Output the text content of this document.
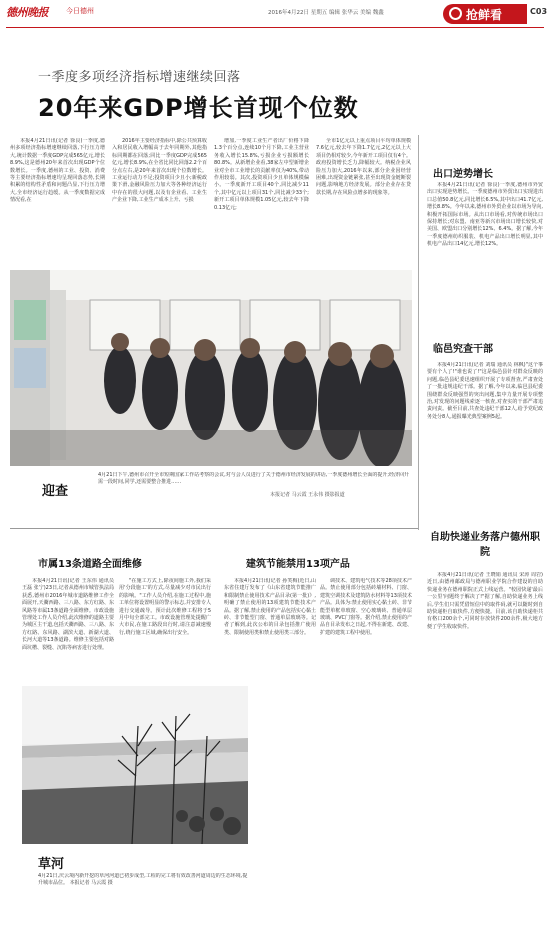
德州晚报	今日德州	2016年4月22日 星期五 编辑 张华云 美编 魏鑫	抢鲜看	C03
一季度多项经济指标增速继续回落
20年来GDP增长首现个位数

本报4月21日讯(记者 徐良)一季度,德州多项经济指标增速继续回落,下行压力增大,统计数据一季度GDP完成565亿元,增长8.9%,这是德州20年来首次出现GDP个位数增长。一季度,德州的工业、投资、消费等主要经济指标增速均呈现回落态势,长期积累的结构性矛盾和问题凸显,下行压力增大,全市经济运行趋缓。从一季度数据完成情况看,在

2016年主要经济指标中,除公共预算收入和居民收入增幅高于去年同期外,其他指标同期都在回落;同比一季度GDP完成565亿元,增长8.9%,在全省比同比回落2.2个百分点左右,是20年来首次出现个位数增长。工业运行动力不足;投资项目少且小;新税政策下滑,金融风险压力加大等各种经济运行中存在的很大问题,以及有企业看、工业生产企业下降,工业生产成本上升、亏损

增加,一季度工业生产者出厂价格下降1.3个百分点,连续10个月下降,工业主营业务收入增长15.8%,亏损企业亏损额增长80.8%。从新增企业看,38家左中型新增企业对全市工业增长的贡献率仅为40%,带动作用较弱。其次,投资项目少且单体规模偏小。一季度新开工项目40个,同比减少11个,其中亿元以上项目31个,同比减少33个;新开工项目单体规模1.05亿元,较去年下降0.13亿元;

全市1亿元以上重点项目平均单体规模7.6亿元,较去年下降1.7亿元,2亿元以上大项目仍相对较少,今年新开工项目仅有4个。政府投资增长乏力,降幅较大。纳税企业风险压力加大,2016年以来,部分企业因经营困难,出现资金链紧张,甚至出现资金链断裂问题,影响地方经济发展。部分企业存在贷款长期,存在风险点增多的现象等。

4月21日下午,德州市召开全市短期国家工作站考察的会议,对与会人员进行了关于德州市经济发展的讲话,一季度德州增长全面的提升;经济回升需一段时间,同学,还需要整合推进……
本报记者 马云霞 王永伟 摄影报道
迎查
出口逆势增长

本报4月21日讯(记者 徐良)一季度,德州市外贸出口实现逆势增长。一季度德州市外贸出口实现进出口总值50.8亿元,同比增长6.5%,其中出口41.7亿元,增长8.8%。今年以来,德州市外贸企业以市场为导向,积极开拓国际市场。从出口市场看,对传统市场出口保持增长;对东盟、南亚等新兴市场出口增长较快,对美国、欧盟出口分别增长12%、6.4%。据了解,今年一季度德州纺织服装、机电产品出口增长明显,其中机电产品出口14亿元,增长12%。

临邑究查干部

本报4月21日讯(记者 刘瑞 通讯员 林枫)"这个事要有个人了!"谁也说了!"这是临邑县针对群众反映的问题,临邑县纪委迅速组织开展了专项督查,严肃查处了一批违规违纪干部。据了解,今年以来,临邑县纪委围绕群众反映强烈的突出问题,集中力量开展专项整治,对发现的问题线索逐一核查,对查实的干部严肃追责问责。截至目前,共查处违纪干部12人,给予党纪政务处分8人,通报曝光典型案例5起。

自助快递业务落户德州职院

本报4月21日讯(记者 王晓娟 通讯员 宋涛 周岩)近日,由德州邮政局与德州职业学院合作建设的自助快递业务在德州职院正式上线运营。"校园快递'最后一公里'问题终于解决了!"据了解,自助快递业务上线后,学生们只需凭借短信中的取件码,就可以随时到自助快递柜自取快件,方便快捷。目前,该自助快递柜共有格口200余个,可同时存放快件200余件,极大地方便了学生收取快件。

市属13条道路全面维修

本报4月21日讯(记者 王东伟 通讯员 王磊 张宁)23日,记者从德州市城管执法局获悉,德州市2016年城市道路维修工作全面展开,天衢西路、三八路、东方红路、东风路等市属13条道路全面维修。市政设施管理处工作人员介绍,此次维修的道路主要为城区主干道,包括天衢西路、三八路、东方红路、东风路、湖滨大道、新湖大道、长河大道等13条道路。维修主要包括对路面坑槽、裂缝、沉陷等病害进行处理。

"在施工方式上,除夜间施工外,我们采用'分段施工'的方式,尽量减少对市民出行的影响。"工作人员介绍,在施工过程中,施工单位将设置明显的警示标志,并安排专人进行交通疏导。预计此次维修工程将于5月中旬全部完工。市政设施管理处提醒广大市民,在施工路段出行时,请注意减速慢行,绕行施工区域,确保出行安全。

建筑节能禁用13项产品

本报4月21日讯(记者 孙笑梅)近日,山东省住建厅发布了《山东省建筑节能推广和限制禁止使用技术产品目录(第一批)》,明确了禁止使用的13项建筑节能技术产品。据了解,禁止使用的产品包括实心黏土砖、非节能型门窗、普通单层玻璃等。记者了解到,此次公布的目录包括推广使用类、限制使用类和禁止使用类三部分。

调技术、建筑电气技术等28项技术产品。禁止使用部分包括砖墙材料、门窗、建筑空调技术及建筑防水材料等13项技术产品。具体为:禁止使用实心黏土砖、非节能型单框单玻窗、空心玻璃砖、普通单层玻璃、PVC门窗等。据介绍,禁止使用的产品自目录发布之日起,不得在新建、改建、扩建的建筑工程中使用。

草河
4月21日,庆云境内新开挖的草河河道已初步成型,工程的完工将有效改善河道周边的生态环境,提升城市品位。 本报记者 马云霞 摄
